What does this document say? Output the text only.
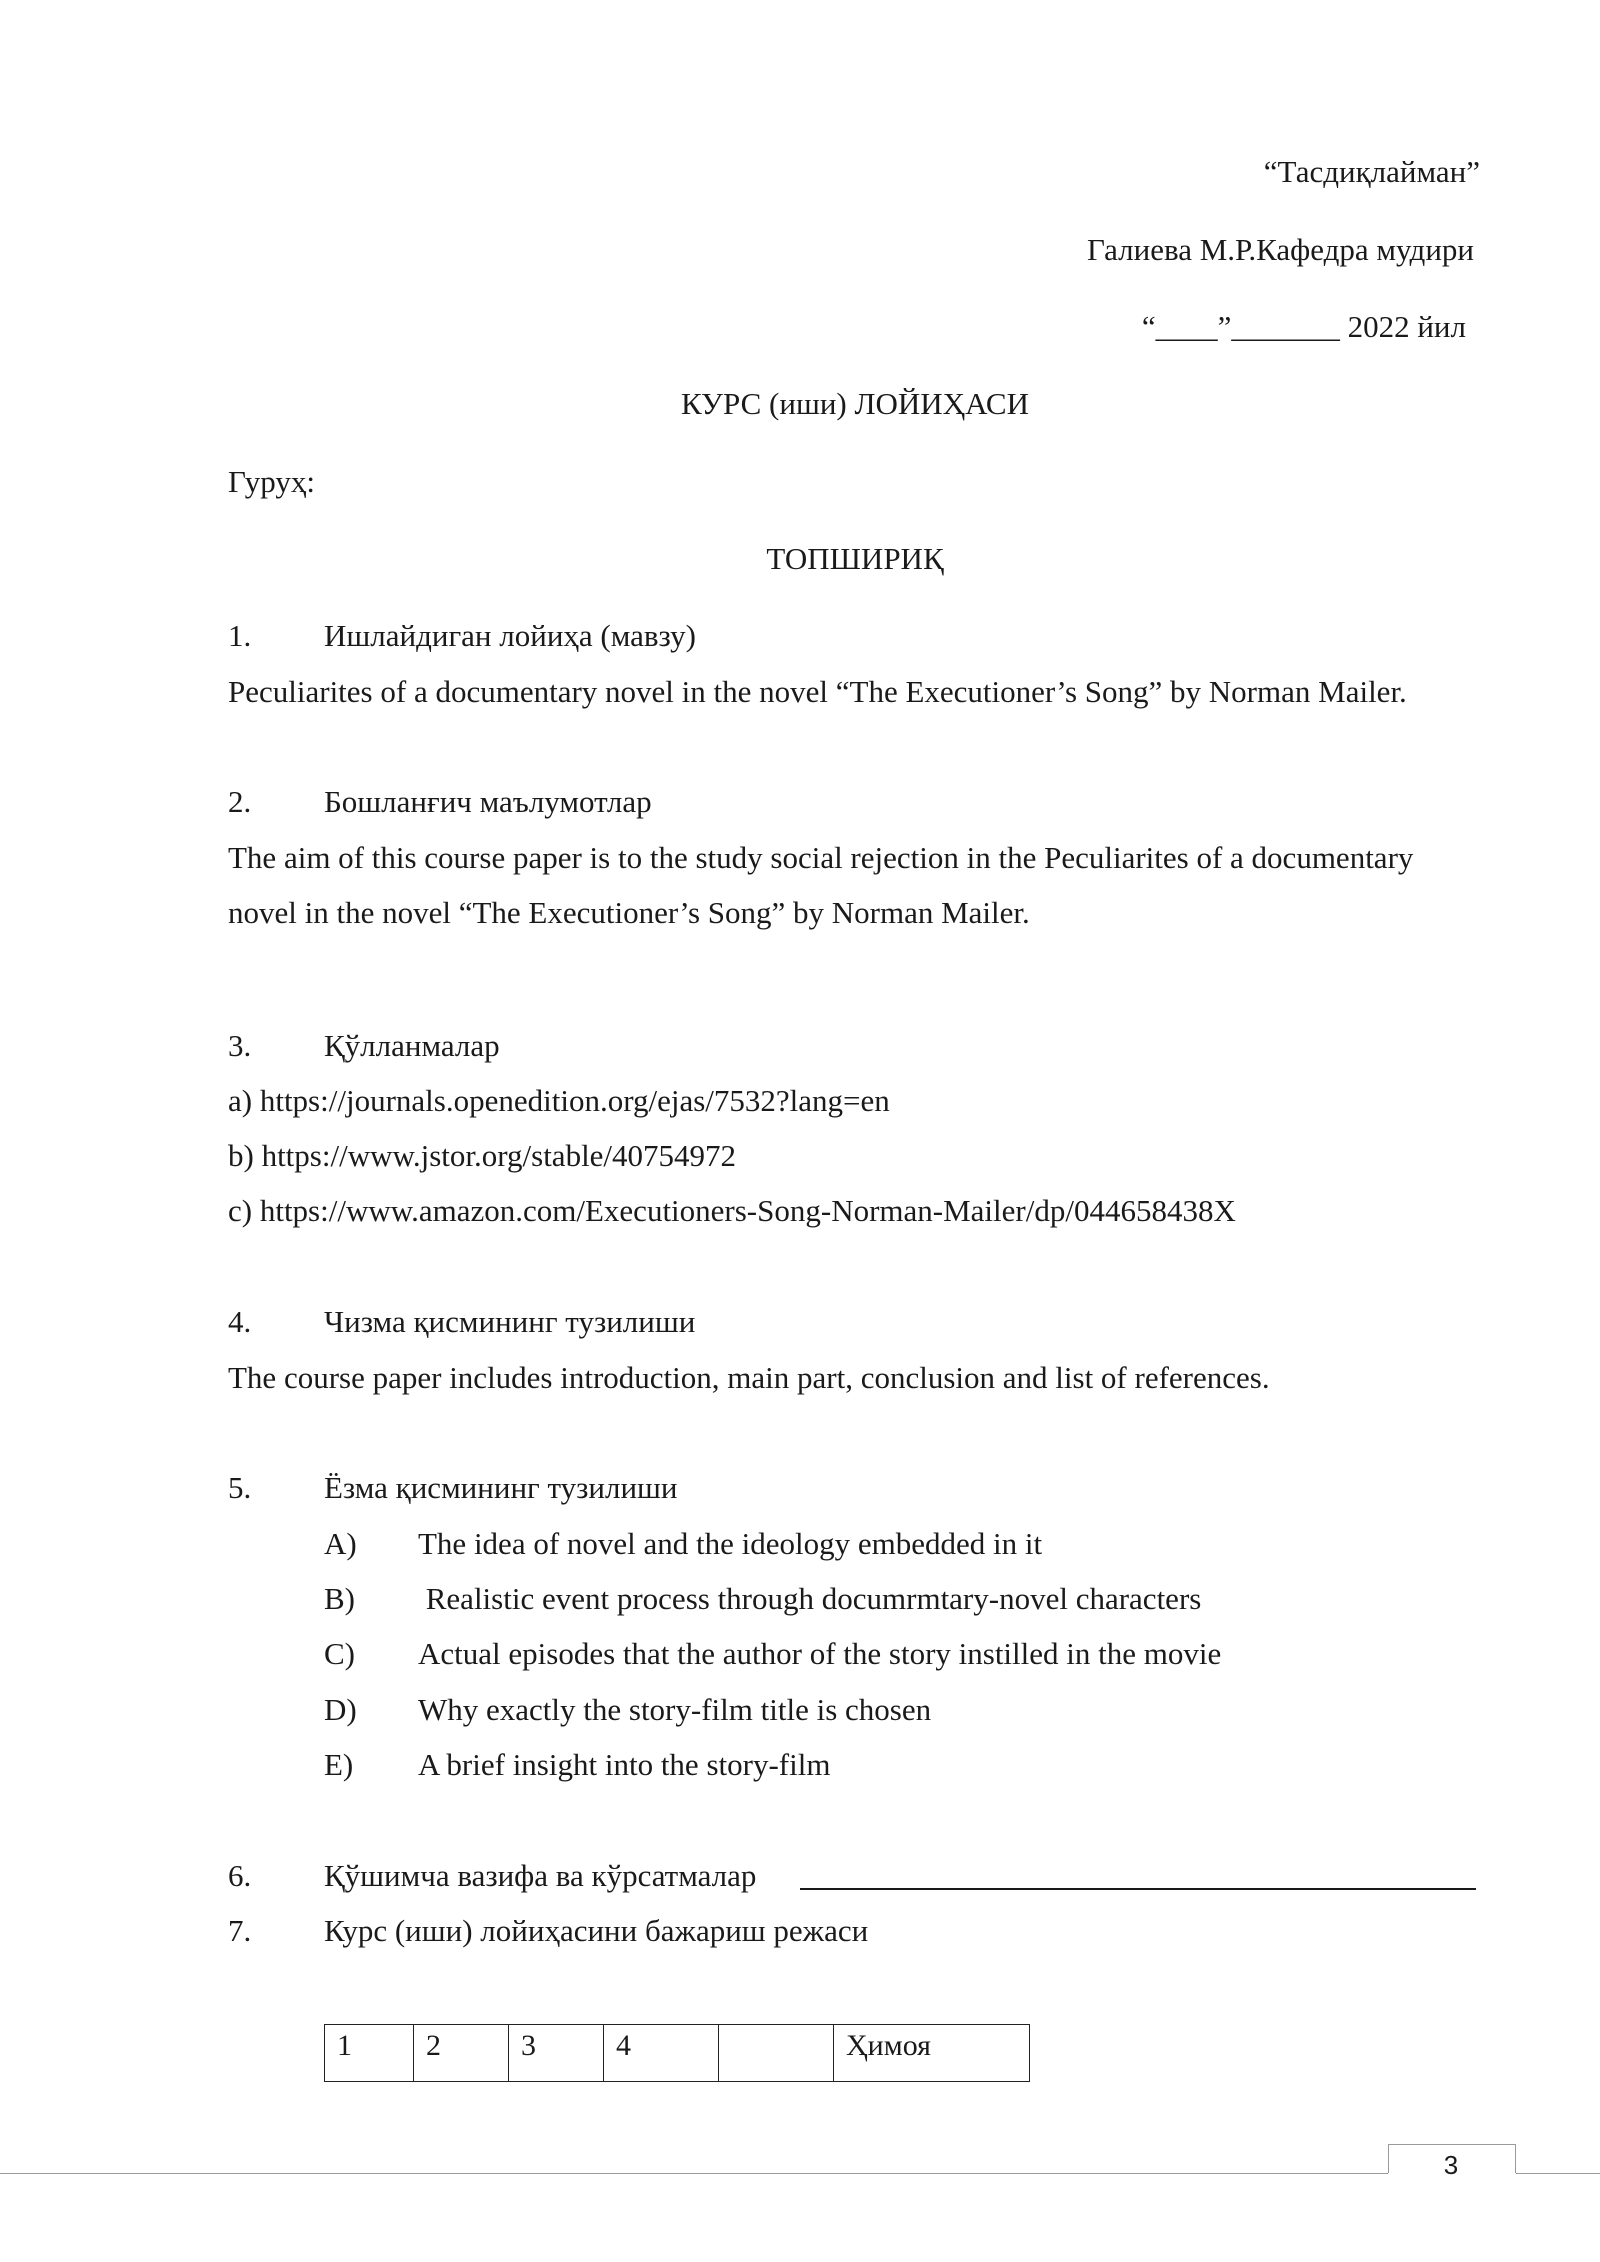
“Тасдиқлайман”
Галиева М.Р.Кафедра мудири
“____”_______ 2022 йил
КУРС (иши) ЛОЙИҲАСИ
Гуруҳ:
ТОПШИРИҚ
1. Ишлайдиган лойиҳа (мавзу)
Peculiarites of a documentary novel in the novel “The Executioner’s Song” by Norman Mailer.
2. Бошланғич маълумотлар
The aim of this course paper is to the study social rejection in the Peculiarites of a documentary
novel in the novel “The Executioner’s Song” by Norman Mailer.
3. Қўлланмалар
a) https://journals.openedition.org/ejas/7532?lang=en
b) https://www.jstor.org/stable/40754972
c) https://www.amazon.com/Executioners-Song-Norman-Mailer/dp/044658438X
4. Чизма қисмининг тузилиши
The course paper includes introduction, main part, conclusion and list of references.
5. Ёзма қисмининг тузилиши
A) The idea of novel and the ideology embedded in it
B) Realistic event process through documrmtary-novel characters
C) Actual episodes that the author of the story instilled in the movie
D) Why exactly the story-film title is chosen
E) A brief insight into the story-film
6. Қўшимча вазифа ва кўрсатмалар
7. Курс (иши) лойиҳасини бажариш режаси
1	2	3	4		Ҳимоя
3
